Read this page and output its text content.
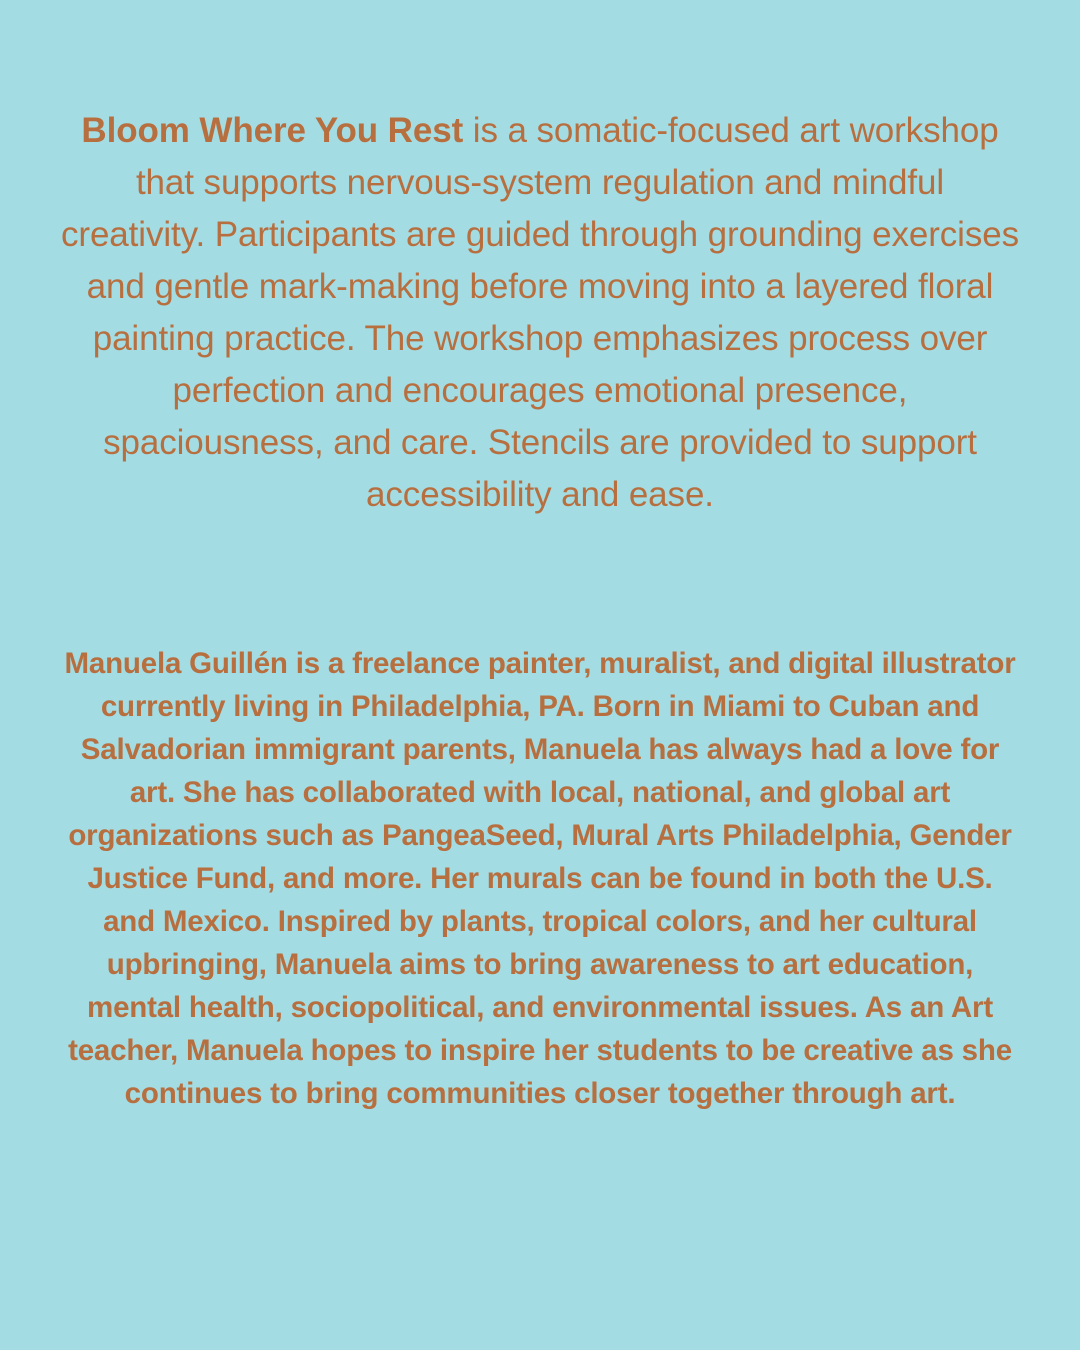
Bloom Where You Rest is a somatic-focused art workshop that supports nervous-system regulation and mindful creativity. Participants are guided through grounding exercises and gentle mark-making before moving into a layered floral painting practice. The workshop emphasizes process over perfection and encourages emotional presence, spaciousness, and care. Stencils are provided to support accessibility and ease.

Manuela Guillén is a freelance painter, muralist, and digital illustrator currently living in Philadelphia, PA. Born in Miami to Cuban and Salvadorian immigrant parents, Manuela has always had a love for art. She has collaborated with local, national, and global art organizations such as PangeaSeed, Mural Arts Philadelphia, Gender Justice Fund, and more. Her murals can be found in both the U.S. and Mexico. Inspired by plants, tropical colors, and her cultural upbringing, Manuela aims to bring awareness to art education, mental health, sociopolitical, and environmental issues. As an Art teacher, Manuela hopes to inspire her students to be creative as she continues to bring communities closer together through art.
